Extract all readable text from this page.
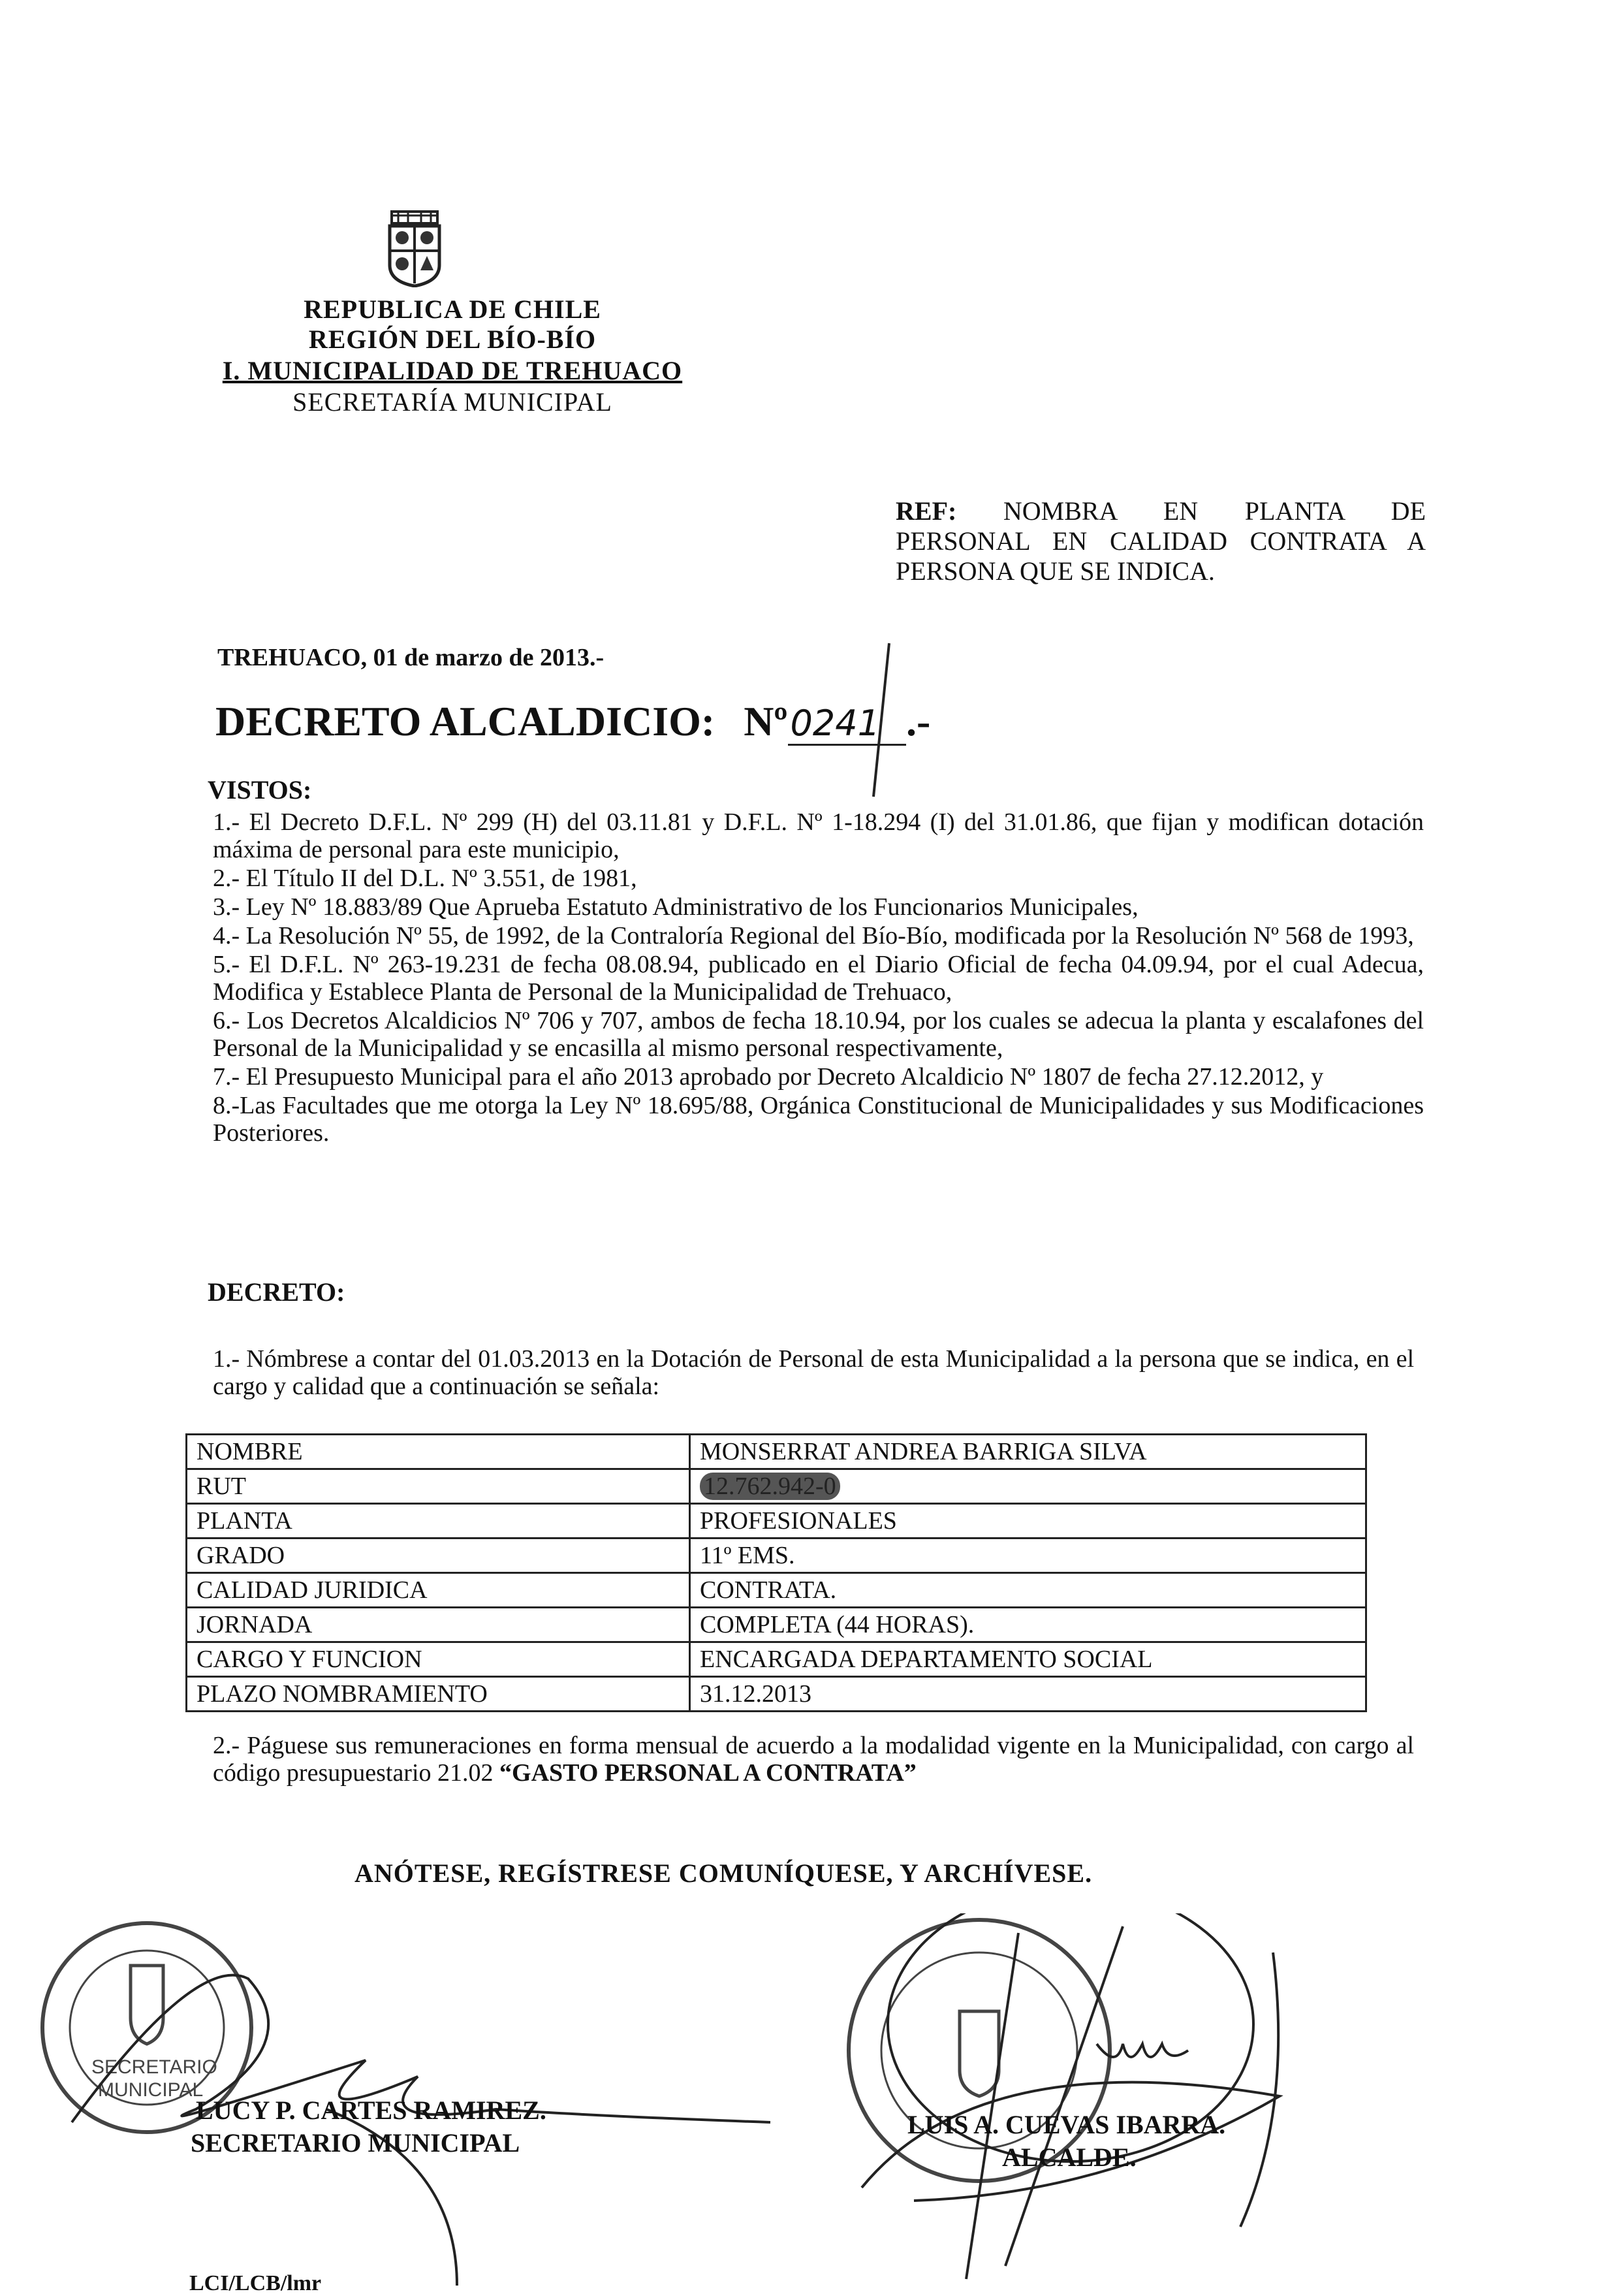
REPUBLICA DE CHILE
REGIÓN DEL BÍO-BÍO
I. MUNICIPALIDAD DE TREHUACO
SECRETARÍA MUNICIPAL
REF: NOMBRA EN PLANTA DE
PERSONAL EN CALIDAD CONTRATA A
PERSONA QUE SE INDICA.
TREHUACO, 01 de marzo de 2013.-
DECRETO ALCALDICIO: Nº0241 .-
VISTOS:

1.- El Decreto D.F.L. Nº 299 (H) del 03.11.81 y D.F.L. Nº 1-18.294 (I) del 31.01.86, que fijan y modifican dotación máxima de personal para este municipio,

2.- El Título II del D.L. Nº 3.551, de 1981,

3.- Ley Nº 18.883/89 Que Aprueba Estatuto Administrativo de los Funcionarios Municipales,

4.- La Resolución Nº 55, de 1992, de la Contraloría Regional del Bío-Bío, modificada por la Resolución Nº 568 de 1993,

5.- El D.F.L. Nº 263-19.231 de fecha 08.08.94, publicado en el Diario Oficial de fecha 04.09.94, por el cual Adecua, Modifica y Establece Planta de Personal de la Municipalidad de Trehuaco,

6.- Los Decretos Alcaldicios Nº 706 y 707, ambos de fecha 18.10.94, por los cuales se adecua la planta y escalafones del Personal de la Municipalidad y se encasilla al mismo personal respectivamente,

7.- El Presupuesto Municipal para el año 2013 aprobado por Decreto Alcaldicio Nº 1807 de fecha 27.12.2012, y

8.-Las Facultades que me otorga la Ley Nº 18.695/88, Orgánica Constitucional de Municipalidades y sus Modificaciones Posteriores.

DECRETO:
1.- Nómbrese a contar del 01.03.2013 en la Dotación de Personal de esta Municipalidad a la persona que se indica, en el cargo y calidad que a continuación se señala:
NOMBRE	MONSERRAT ANDREA BARRIGA SILVA
RUT	12.762.942-0
PLANTA	PROFESIONALES
GRADO	11º EMS.
CALIDAD JURIDICA	CONTRATA.
JORNADA	COMPLETA (44 HORAS).
CARGO Y FUNCION	ENCARGADA DEPARTAMENTO SOCIAL
PLAZO NOMBRAMIENTO	31.12.2013
2.- Páguese sus remuneraciones en forma mensual de acuerdo a la modalidad vigente en la Municipalidad, con cargo al código presupuestario 21.02 “GASTO PERSONAL A CONTRATA”
ANÓTESE, REGÍSTRESE COMUNÍQUESE, Y ARCHÍVESE.
SECRETARIO
MUNICIPAL
LUCY P. CARTES RAMIREZ.
SECRETARIO MUNICIPAL
LUIS A. CUEVAS IBARRA.
ALCALDE.
LCI/LCB/lmr
